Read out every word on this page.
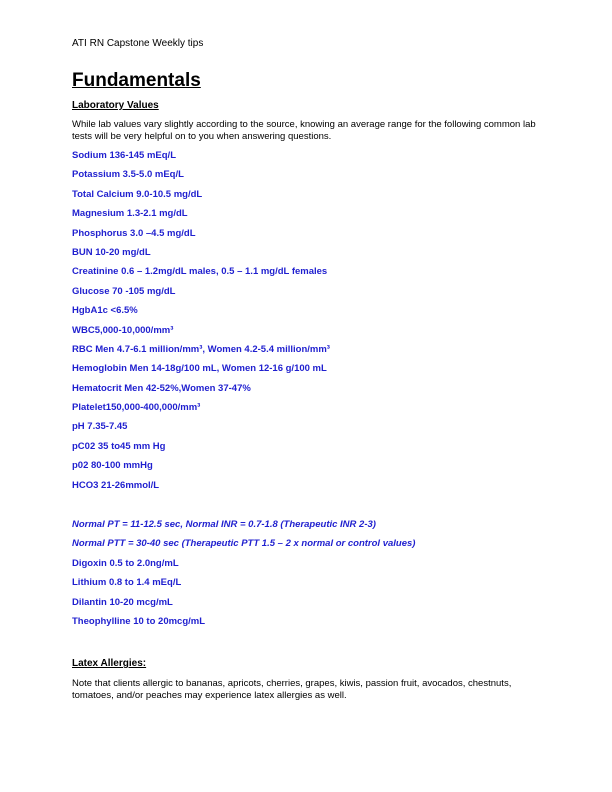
ATI RN Capstone Weekly tips
Fundamentals
Laboratory Values

While lab values vary slightly according to the source, knowing an average range for the following common lab tests will be very helpful on to you when answering questions.

Sodium 136-145 mEq/L
Potassium 3.5-5.0 mEq/L
Total Calcium 9.0-10.5 mg/dL
Magnesium 1.3-2.1 mg/dL
Phosphorus 3.0 –4.5 mg/dL
BUN 10-20 mg/dL
Creatinine 0.6 – 1.2mg/dL males, 0.5 – 1.1 mg/dL females
Glucose 70 -105 mg/dL
HgbA1c <6.5%
WBC5,000-10,000/mm³
RBC Men 4.7-6.1 million/mm³, Women 4.2-5.4 million/mm³
Hemoglobin Men 14-18g/100 mL, Women 12-16 g/100 mL
Hematocrit Men 42-52%,Women 37-47%
Platelet150,000-400,000/mm³
pH 7.35-7.45
pC02 35 to45 mm Hg
p02 80-100 mmHg
HCO3 21-26mmol/L
Normal PT = 11-12.5 sec, Normal INR = 0.7-1.8 (Therapeutic INR 2-3)
Normal PTT = 30-40 sec (Therapeutic PTT 1.5 – 2 x normal or control values)
Digoxin 0.5 to 2.0ng/mL
Lithium 0.8 to 1.4 mEq/L
Dilantin 10-20 mcg/mL
Theophylline 10 to 20mcg/mL
Latex Allergies:

Note that clients allergic to bananas, apricots, cherries, grapes, kiwis, passion fruit, avocados, chestnuts, tomatoes, and/or peaches may experience latex allergies as well.
